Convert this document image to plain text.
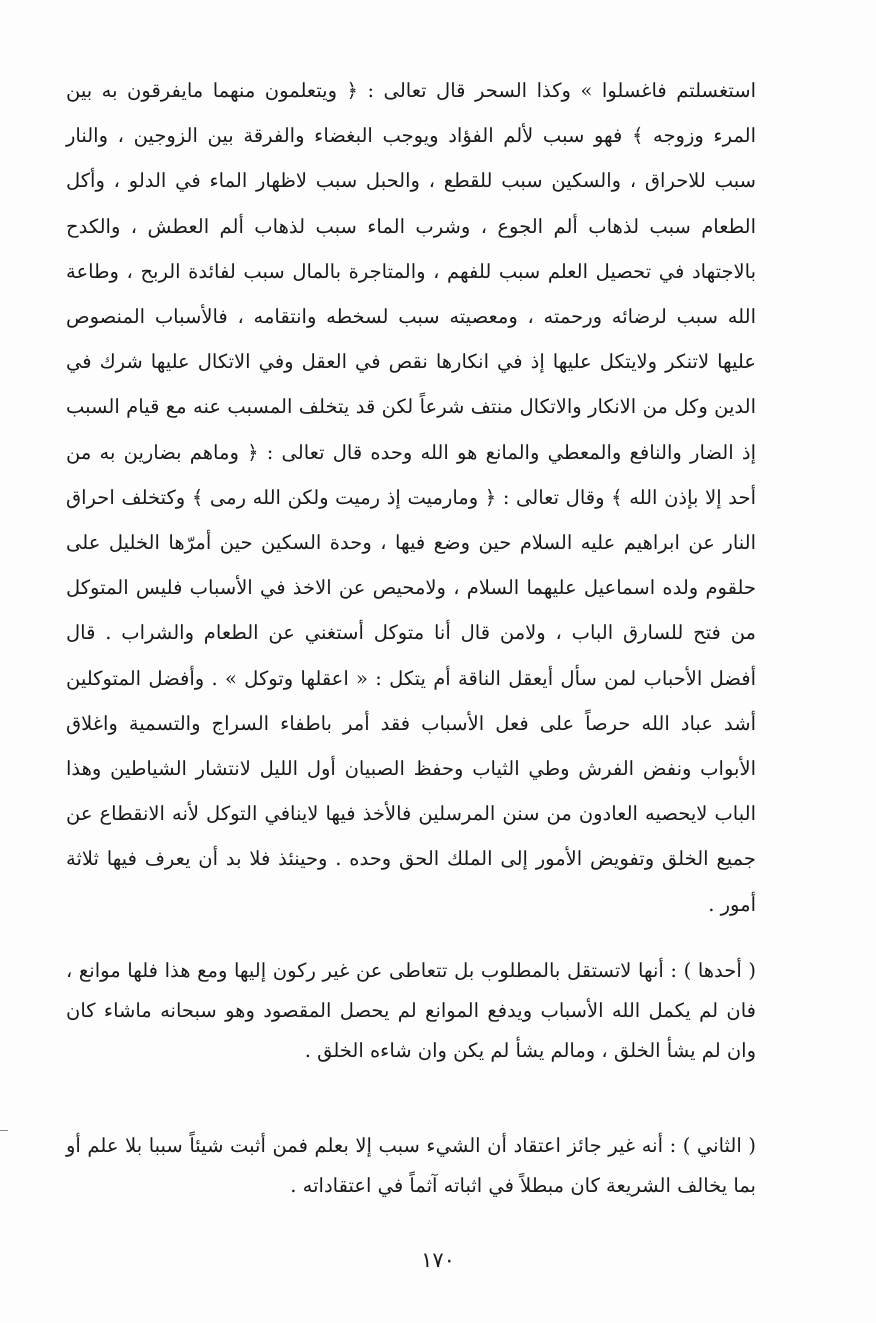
استغسلتم فاغسلوا » وكذا السحر قال تعالى : ﴿ ويتعلمون منهما مايفرقون به بين المرء وزوجه ﴾ فهو سبب لألم الفؤاد ويوجب البغضاء والفرقة بين الزوجين ، والنار سبب للاحراق ، والسكين سبب للقطع ، والحبل سبب لاظهار الماء في الدلو ، وأكل الطعام سبب لذهاب ألم الجوع ، وشرب الماء سبب لذهاب ألم العطش ، والكدح بالاجتهاد في تحصيل العلم سبب للفهم ، والمتاجرة بالمال سبب لفائدة الربح ، وطاعة الله سبب لرضائه ورحمته ، ومعصيته سبب لسخطه وانتقامه ، فالأسباب المنصوص عليها لاتنكر ولايتكل عليها إذ في انكارها نقص في العقل وفي الاتكال عليها شرك في الدين وكل من الانكار والاتكال منتف شرعاً لكن قد يتخلف المسبب عنه مع قيام السبب إذ الضار والنافع والمعطي والمانع هو الله وحده قال تعالى : ﴿ وماهم بضارين به من أحد إلا بإذن الله ﴾ وقال تعالى : ﴿ ومارميت إذ رميت ولكن الله رمى ﴾ وكتخلف احراق النار عن ابراهيم عليه السلام حين وضع فيها ، وحدة السكين حين أمرّها الخليل على حلقوم ولده اسماعيل عليهما السلام ، ولامحيص عن الاخذ في الأسباب فليس المتوكل من فتح للسارق الباب ، ولامن قال أنا متوكل أستغني عن الطعام والشراب . قال أفضل الأحباب لمن سأل أيعقل الناقة أم يتكل : « اعقلها وتوكل » . وأفضل المتوكلين أشد عباد الله حرصاً على فعل الأسباب فقد أمر باطفاء السراج والتسمية واغلاق الأبواب ونفض الفرش وطي الثياب وحفظ الصبيان أول الليل لانتشار الشياطين وهذا الباب لايحصيه العادون من سنن المرسلين فالأخذ فيها لاينافي التوكل لأنه الانقطاع عن جميع الخلق وتفويض الأمور إلى الملك الحق وحده . وحينئذ فلا بد أن يعرف فيها ثلاثة أمور .

( أحدها ) : أنها لاتستقل بالمطلوب بل تتعاطى عن غير ركون إليها ومع هذا فلها موانع ، فان لم يكمل الله الأسباب ويدفع الموانع لم يحصل المقصود وهو سبحانه ماشاء كان وان لم يشأ الخلق ، ومالم يشأ لم يكن وان شاءه الخلق .

( الثاني ) : أنه غير جائز اعتقاد أن الشيء سبب إلا بعلم فمن أثبت شيئاً سببا بلا علم أو بما يخالف الشريعة كان مبطلاً في اثباته آثماً في اعتقاداته .

١٧٠
